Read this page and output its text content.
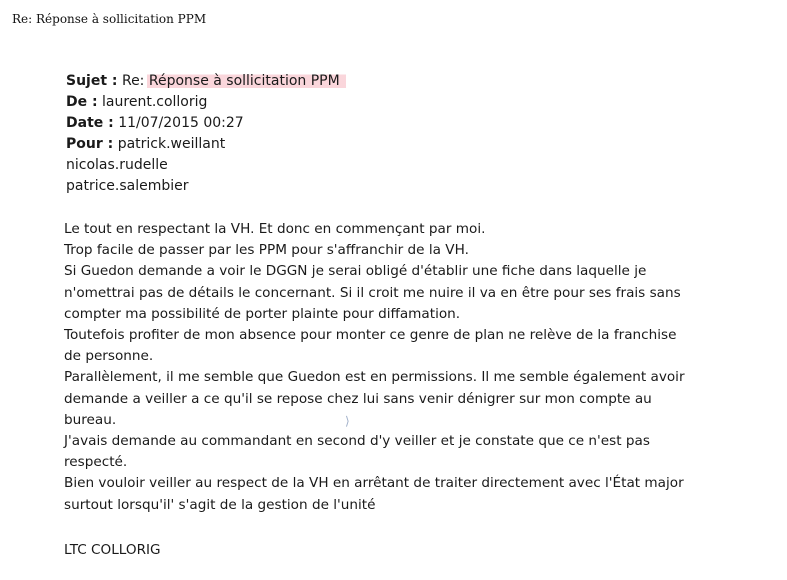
Re: Réponse à sollicitation PPM
Sujet : Re: Réponse à sollicitation PPM
De : laurent.collorig
Date : 11/07/2015 00:27
Pour : patrick.weillant
nicolas.rudelle
patrice.salembier

Le tout en respectant la VH. Et donc en commençant par moi.

Trop facile de passer par les PPM pour s'affranchir de la VH.

Si Guedon demande a voir le DGGN je serai obligé d'établir une fiche dans laquelle je

n'omettrai pas de détails le concernant. Si il croit me nuire il va en être pour ses frais sans

compter ma possibilité de porter plainte pour diffamation.

Toutefois profiter de mon absence pour monter ce genre de plan ne relève de la franchise

de personne.

Parallèlement, il me semble que Guedon est en permissions. Il me semble également avoir

demande a veiller a ce qu'il se repose chez lui sans venir dénigrer sur mon compte au

bureau.

J'avais demande au commandant en second d'y veiller et je constate que ce n'est pas

respecté.

Bien vouloir veiller au respect de la VH en arrêtant de traiter directement avec l'État major

surtout lorsqu'il' s'agit de la gestion de l'unité

⟩
LTC COLLORIG
